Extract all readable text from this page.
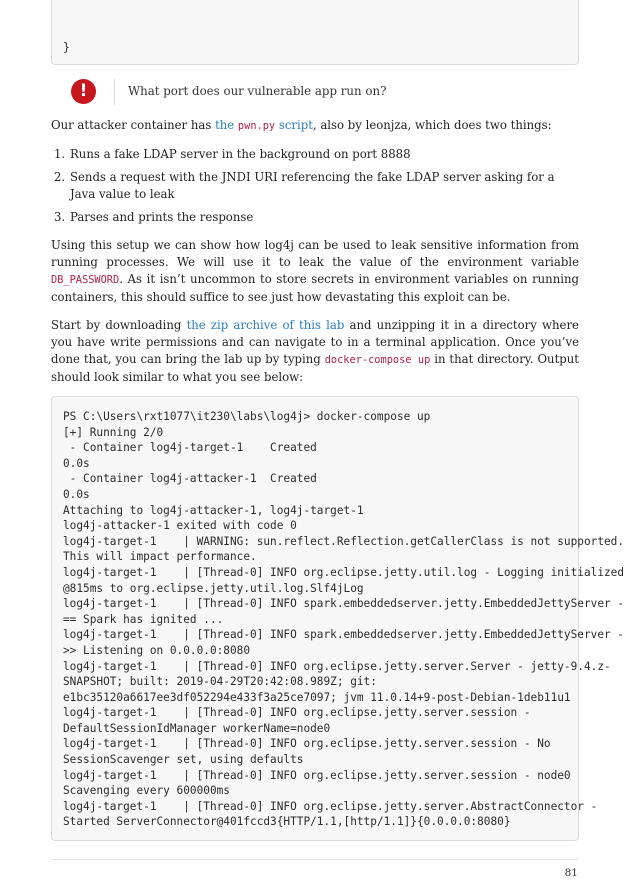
}
!	What port does our vulnerable app run on?
Our attacker container has the pwn.py script, also by leonjza, which does two things:
1. Runs a fake LDAP server in the background on port 8888
2. Sends a request with the JNDI URI referencing the fake LDAP server asking for a Java value to leak
3. Parses and prints the response
Using this setup we can show how log4j can be used to leak sensitive information from running processes. We will use it to leak the value of the environment variable DB_PASSWORD. As it isn’t uncommon to store secrets in environment variables on running containers, this should suffice to see just how devastating this exploit can be.
Start by downloading the zip archive of this lab and unzipping it in a directory where you have write permissions and can navigate to in a terminal application. Once you’ve done that, you can bring the lab up by typing docker-compose up in that directory. Output should look similar to what you see below:
PS C:\Users\rxt1077\it230\labs\log4j> docker-compose up
[+] Running 2/0
- Container log4j-target-1    Created
0.0s
- Container log4j-attacker-1  Created
0.0s
Attaching to log4j-attacker-1, log4j-target-1
log4j-attacker-1 exited with code 0
log4j-target-1    | WARNING: sun.reflect.Reflection.getCallerClass is not supported.
This will impact performance.
log4j-target-1    | [Thread-0] INFO org.eclipse.jetty.util.log - Logging initialized
@815ms to org.eclipse.jetty.util.log.Slf4jLog
log4j-target-1    | [Thread-0] INFO spark.embeddedserver.jetty.EmbeddedJettyServer -
== Spark has ignited ...
log4j-target-1    | [Thread-0] INFO spark.embeddedserver.jetty.EmbeddedJettyServer -
>> Listening on 0.0.0.0:8080
log4j-target-1    | [Thread-0] INFO org.eclipse.jetty.server.Server - jetty-9.4.z-
SNAPSHOT; built: 2019-04-29T20:42:08.989Z; git:
e1bc35120a6617ee3df052294e433f3a25ce7097; jvm 11.0.14+9-post-Debian-1deb11u1
log4j-target-1    | [Thread-0] INFO org.eclipse.jetty.server.session -
DefaultSessionIdManager workerName=node0
log4j-target-1    | [Thread-0] INFO org.eclipse.jetty.server.session - No
SessionScavenger set, using defaults
log4j-target-1    | [Thread-0] INFO org.eclipse.jetty.server.session - node0
Scavenging every 600000ms
log4j-target-1    | [Thread-0] INFO org.eclipse.jetty.server.AbstractConnector -
Started ServerConnector@401fccd3{HTTP/1.1,[http/1.1]}{0.0.0.0:8080}
81
